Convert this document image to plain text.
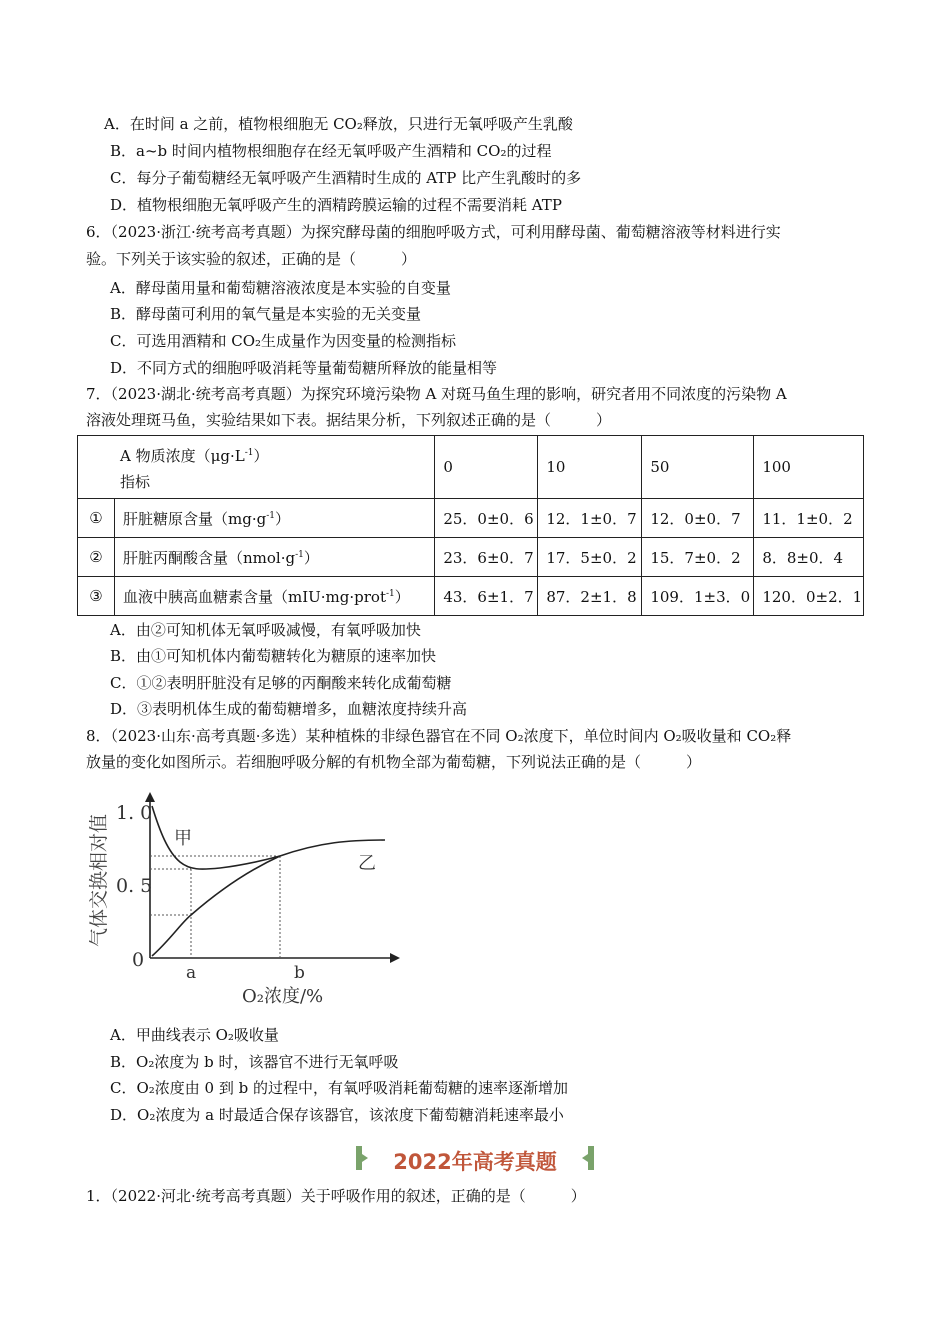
A．在时间 a 之前，植物根细胞无 CO₂释放，只进行无氧呼吸产生乳酸
B．a~b 时间内植物根细胞存在经无氧呼吸产生酒精和 CO₂的过程
C．每分子葡萄糖经无氧呼吸产生酒精时生成的 ATP 比产生乳酸时的多
D．植物根细胞无氧呼吸产生的酒精跨膜运输的过程不需要消耗 ATP
6．（2023·浙江·统考高考真题）为探究酵母菌的细胞呼吸方式，可利用酵母菌、葡萄糖溶液等材料进行实
验。下列关于该实验的叙述，正确的是（　　　）
A．酵母菌用量和葡萄糖溶液浓度是本实验的自变量
B．酵母菌可利用的氧气量是本实验的无关变量
C．可选用酒精和 CO₂生成量作为因变量的检测指标
D．不同方式的细胞呼吸消耗等量葡萄糖所释放的能量相等
7．（2023·湖北·统考高考真题）为探究环境污染物 A 对斑马鱼生理的影响，研究者用不同浓度的污染物 A
溶液处理斑马鱼，实验结果如下表。据结果分析，下列叙述正确的是（　　　）
A 物质浓度$(\mu g\cdot L^{-1})$
指标		0	10	50	100
①	肝脏糖原含量$(mg\cdot g^{-1})$	25．0±0．6	12．1±0．7	12．0±0．7	11．1±0．2
②	肝脏丙酮酸含量$(nmol\cdot g^{-1})$	23．6±0．7	17．5±0．2	15．7±0．2	8．8±0．4
③	血液中胰高血糖素含量（mIU·mg·prot$^{-1}$）	43．6±1．7	87．2±1．8	109．1±3．0	120．0±2．1
A．由②可知机体无氧呼吸减慢，有氧呼吸加快
B．由①可知机体内葡萄糖转化为糖原的速率加快
C．①②表明肝脏没有足够的丙酮酸来转化成葡萄糖
D．③表明机体生成的葡萄糖增多，血糖浓度持续升高
8．（2023·山东·高考真题·多选）某种植株的非绿色器官在不同 O₂浓度下，单位时间内 O₂吸收量和 CO₂释
放量的变化如图所示。若细胞呼吸分解的有机物全部为葡萄糖，下列说法正确的是（　　　）
1. 0
0. 5
0
气体交换相对值	甲
乙
a	b
O₂浓度/%
A．甲曲线表示 O₂吸收量
B．O₂浓度为 b 时，该器官不进行无氧呼吸
C．O₂浓度由 0 到 b 的过程中，有氧呼吸消耗葡萄糖的速率逐渐增加
D．O₂浓度为 a 时最适合保存该器官，该浓度下葡萄糖消耗速率最小
2022年高考真题
1．（2022·河北·统考高考真题）关于呼吸作用的叙述，正确的是（　　　）
